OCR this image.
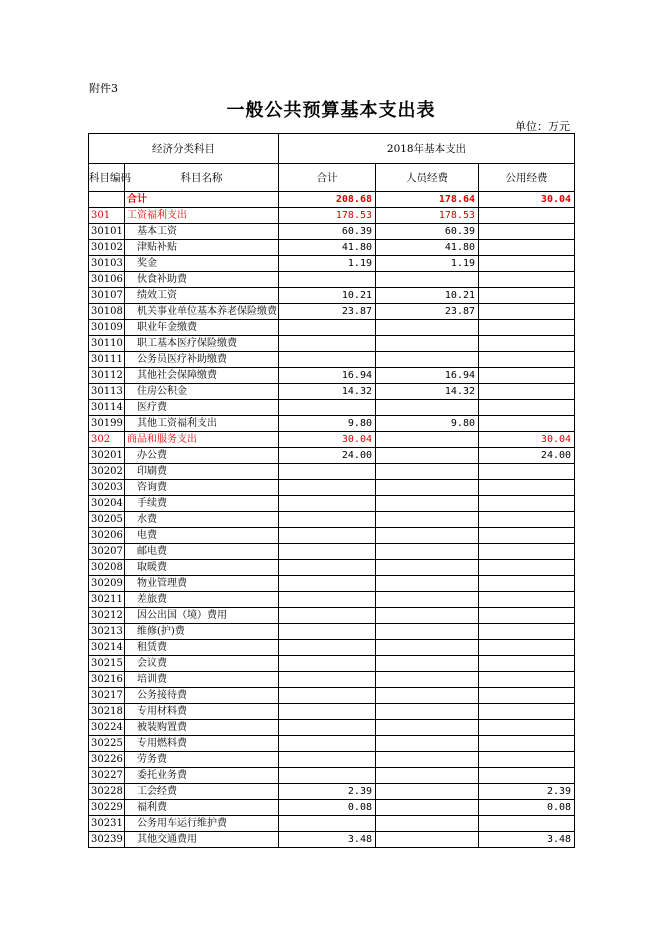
附件3
一般公共预算基本支出表
单位：万元
经济分类科目		2018年基本支出		
科目编码	科目名称	合计	人员经费	公用经费
	合计	208.68	178.64	30.04
301	工资福利支出	178.53	178.53	
30101	基本工资	60.39	60.39	
30102	津贴补贴	41.80	41.80	
30103	奖金	1.19	1.19	
30106	伙食补助费			
30107	绩效工资	10.21	10.21	
30108	机关事业单位基本养老保险缴费	23.87	23.87	
30109	职业年金缴费			
30110	职工基本医疗保险缴费			
30111	公务员医疗补助缴费			
30112	其他社会保障缴费	16.94	16.94	
30113	住房公积金	14.32	14.32	
30114	医疗费			
30199	其他工资福利支出	9.80	9.80	
302	商品和服务支出	30.04		30.04
30201	办公费	24.00		24.00
30202	印刷费			
30203	咨询费			
30204	手续费			
30205	水费			
30206	电费			
30207	邮电费			
30208	取暖费			
30209	物业管理费			
30211	差旅费			
30212	因公出国（境）费用			
30213	维修(护)费			
30214	租赁费			
30215	会议费			
30216	培训费			
30217	公务接待费			
30218	专用材料费			
30224	被装购置费			
30225	专用燃料费			
30226	劳务费			
30227	委托业务费			
30228	工会经费	2.39		2.39
30229	福利费	0.08		0.08
30231	公务用车运行维护费			
30239	其他交通费用	3.48		3.48
